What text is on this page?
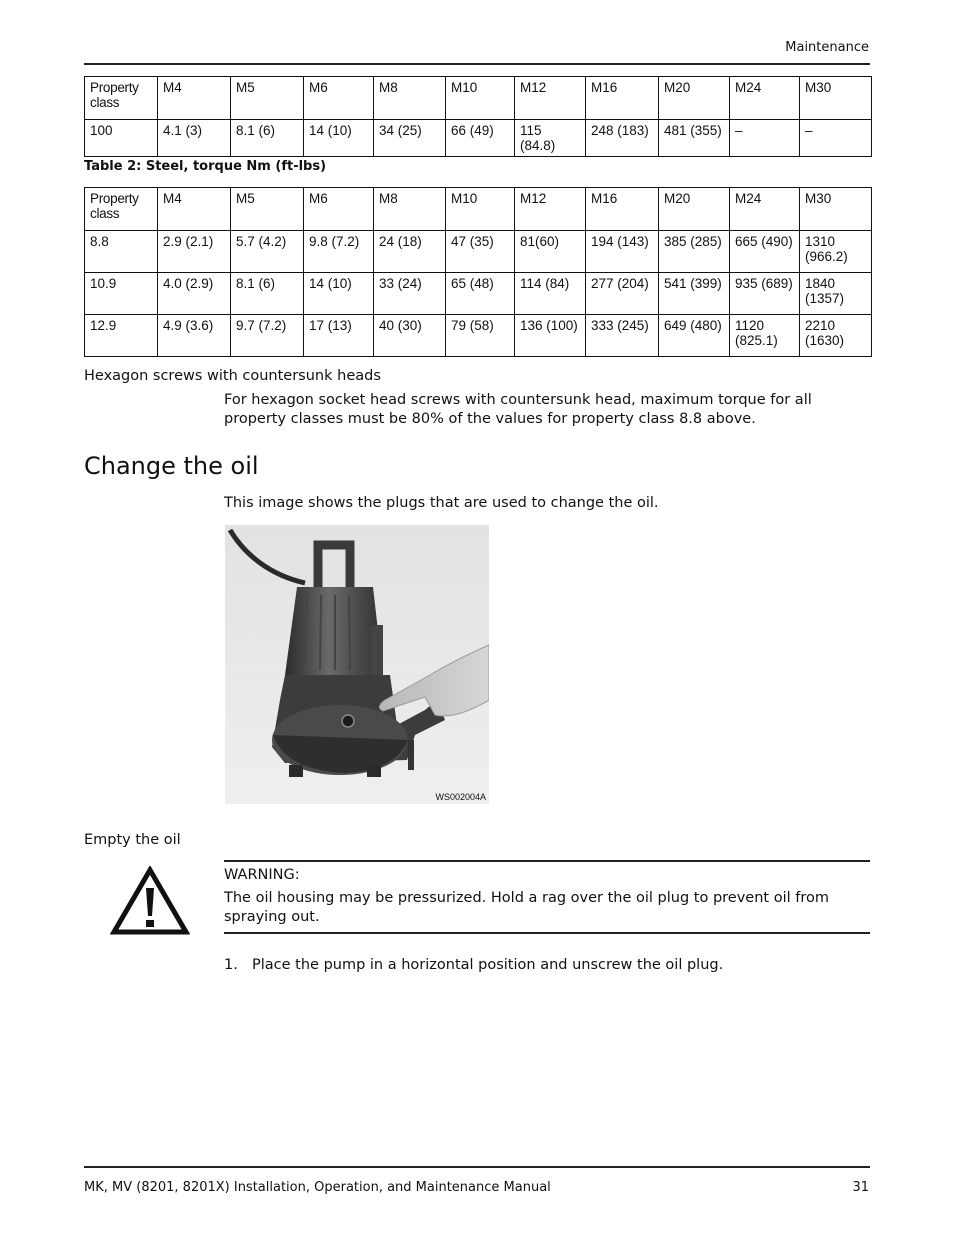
Maintenance
Property class	M4	M5	M6	M8	M10	M12	M16	M20	M24	M30
100	4.1 (3)	8.1 (6)	14 (10)	34 (25)	66 (49)	115 (84.8)	248 (183)	481 (355)	–	–
Table 2: Steel, torque Nm (ft-lbs)
Property class	M4	M5	M6	M8	M10	M12	M16	M20	M24	M30
8.8	2.9 (2.1)	5.7 (4.2)	9.8 (7.2)	24 (18)	47 (35)	81(60)	194 (143)	385 (285)	665 (490)	1310 (966.2)
10.9	4.0 (2.9)	8.1 (6)	14 (10)	33 (24)	65 (48)	114 (84)	277 (204)	541 (399)	935 (689)	1840 (1357)
12.9	4.9 (3.6)	9.7 (7.2)	17 (13)	40 (30)	79 (58)	136 (100)	333 (245)	649 (480)	1120 (825.1)	2210 (1630)
Hexagon screws with countersunk heads
For hexagon socket head screws with countersunk head, maximum torque for all property classes must be 80% of the values for property class 8.8 above.
Change the oil
This image shows the plugs that are used to change the oil.
WS002004A
Empty the oil
WARNING:
The oil housing may be pressurized. Hold a rag over the oil plug to prevent oil from spraying out.
1. Place the pump in a horizontal position and unscrew the oil plug.
MK, MV (8201, 8201X) Installation, Operation, and Maintenance Manual	31
